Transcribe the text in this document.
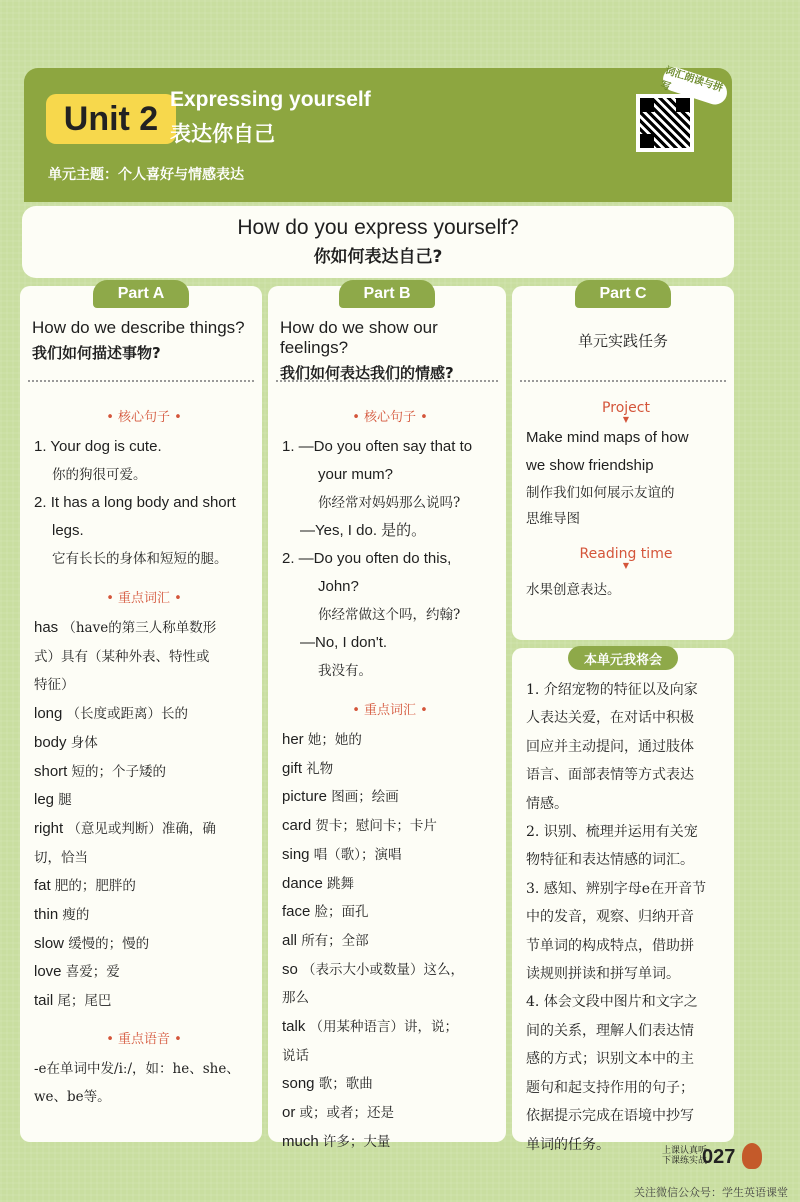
Unit 2 Expressing yourself
表达你自己
单元主题：个人喜好与情感表达
词汇朗读与拼写
How do you express yourself?
你如何表达自己?
Part A
How do we describe things?
我们如何描述事物?
• 核心句子 •
1. Your dog is cute.
你的狗很可爱。
2. It has a long body and short
legs.
它有长长的身体和短短的腿。
• 重点词汇 •
has （have的第三人称单数形
式）具有（某种外表、特性或
特征）
long （长度或距离）长的
body 身体
short 短的；个子矮的
leg 腿
right （意见或判断）准确，确
切，恰当
fat 肥的；肥胖的
thin 瘦的
slow 缓慢的；慢的
love 喜爱；爱
tail 尾；尾巴
• 重点语音 •
-e在单词中发/iː/，如：he、she、
we、be等。
Part B
How do we show our feelings?
我们如何表达我们的情感?
• 核心句子 •
1. —Do you often say that to
your mum?
你经常对妈妈那么说吗?
—Yes, I do. 是的。
2. —Do you often do this,
John?
你经常做这个吗，约翰?
—No, I don't.
我没有。
• 重点词汇 •
her 她；她的
gift 礼物
picture 图画；绘画
card 贺卡；慰问卡；卡片
sing 唱（歌）；演唱
dance 跳舞
face 脸；面孔
all 所有；全部
so （表示大小或数量）这么，
那么
talk （用某种语言）讲，说；
说话
song 歌；歌曲
or 或；或者；还是
much 许多；大量
Part C
单元实践任务
Project
▼
Make mind maps of how
we show friendship
制作我们如何展示友谊的
思维导图
Reading time
▼
水果创意表达。
本单元我将会
1. 介绍宠物的特征以及向家
人表达关爱，在对话中积极
回应并主动提问，通过肢体
语言、面部表情等方式表达
情感。
2. 识别、梳理并运用有关宠
物特征和表达情感的词汇。
3. 感知、辨别字母e在开音节
中的发音，观察、归纳开音
节单词的构成特点，借助拼
读规则拼读和拼写单词。
4. 体会文段中图片和文字之
间的关系，理解人们表达情
感的方式；识别文本中的主
题句和起支持作用的句子；
依据提示完成在语境中抄写
单词的任务。	上课认真听
下课练实战
027
关注微信公众号：学生英语课堂
